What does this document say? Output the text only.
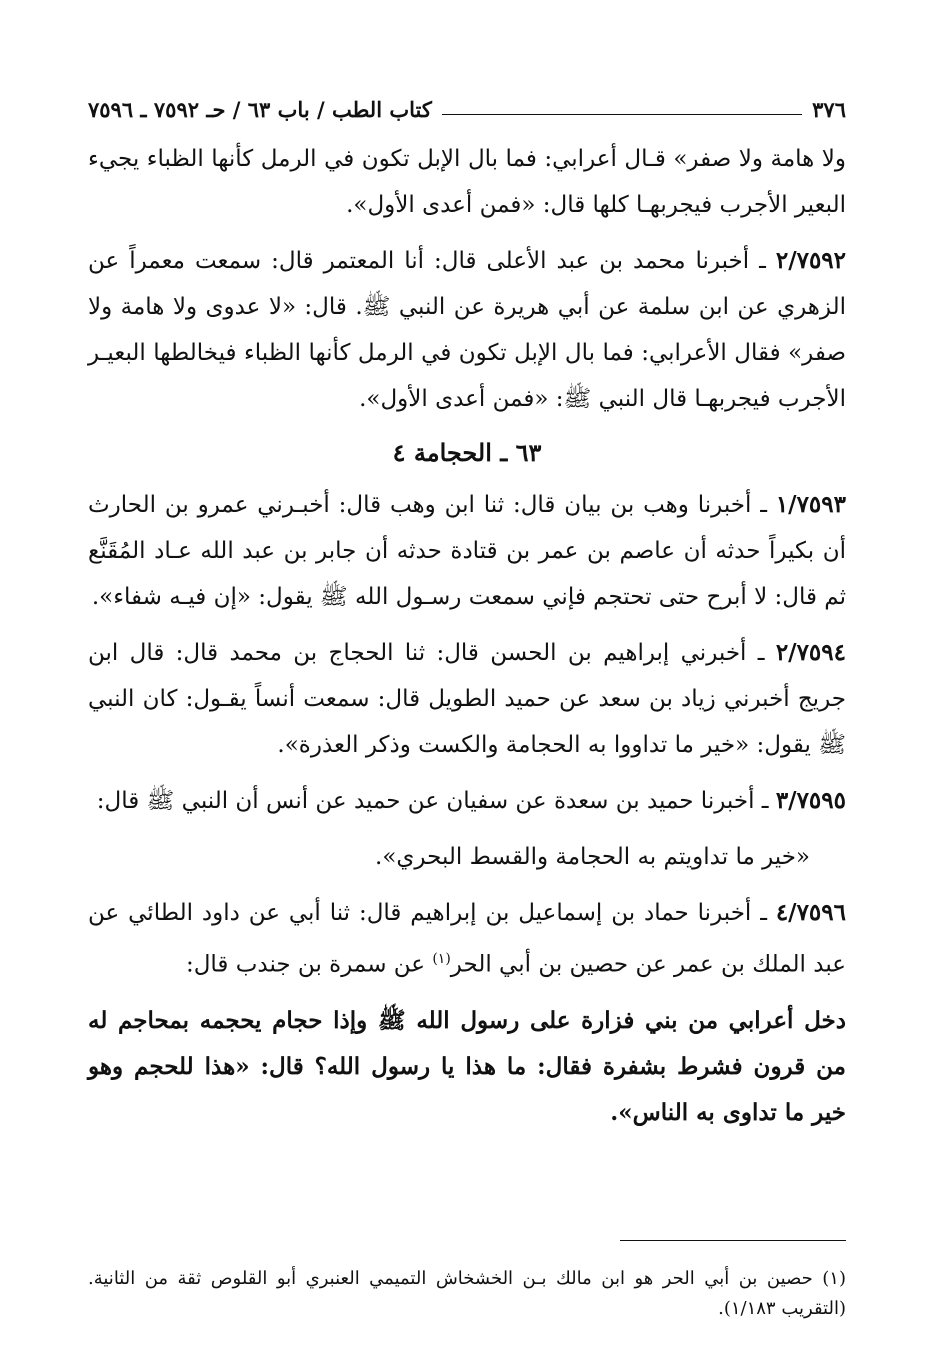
٣٧٦
كتاب الطب / باب ٦٣ / حـ ٧٥٩٢ ـ ٧٥٩٦

ولا هامة ولا صفر» قـال أعرابي: فما بال الإبل تكون في الرمل كأنها الظباء يجيء البعير الأجرب فيجربهـا كلها قال: «فمن أعدى الأول».

٢/٧٥٩٢ ـ أخبرنا محمد بن عبد الأعلى قال: أنا المعتمر قال: سمعت معمراً عن الزهري عن ابن سلمة عن أبي هريرة عن النبي ﷺ. قال: «لا عدوى ولا هامة ولا صفر» فقال الأعرابي: فما بال الإبل تكون في الرمل كأنها الظباء فيخالطها البعيـر الأجرب فيجربهـا قال النبي ﷺ: «فمن أعدى الأول».

٦٣ ـ الحجامة ٤

١/٧٥٩٣ ـ أخبرنا وهب بن بيان قال: ثنا ابن وهب قال: أخبـرني عمرو بن الحارث أن بكيراً حدثه أن عاصم بن عمر بن قتادة حدثه أن جابر بن عبد الله عـاد المُقَنَّع ثم قال: لا أبرح حتى تحتجم فإني سمعت رسـول الله ﷺ يقول: «إن فيـه شفاء».

٢/٧٥٩٤ ـ أخبرني إبراهيم بن الحسن قال: ثنا الحجاج بن محمد قال: قال ابن جريج أخبرني زياد بن سعد عن حميد الطويل قال: سمعت أنساً يقـول: كان النبي ﷺ يقول: «خير ما تداووا به الحجامة والكست وذكر العذرة».

٣/٧٥٩٥ ـ أخبرنا حميد بن سعدة عن سفيان عن حميد عن أنس أن النبي ﷺ قال:

«خير ما تداويتم به الحجامة والقسط البحري».

٤/٧٥٩٦ ـ أخبرنا حماد بن إسماعيل بن إبراهيم قال: ثنا أبي عن داود الطائي عن عبد الملك بن عمر عن حصين بن أبي الحر$^{(١)}$ عن سمرة بن جندب قال:

دخل أعرابي من بني فزارة على رسول الله ﷺ وإذا حجام يحجمه بمحاجم له من قرون فشرط بشفرة فقال: ما هذا يا رسول الله؟ قال: «هذا للحجم وهو خير ما تداوى به الناس».

(١) حصين بن أبي الحر هو ابن مالك بـن الخشخاش التميمي العنبري أبو القلوص ثقة من الثانية. (التقريب ١/١٨٣).
